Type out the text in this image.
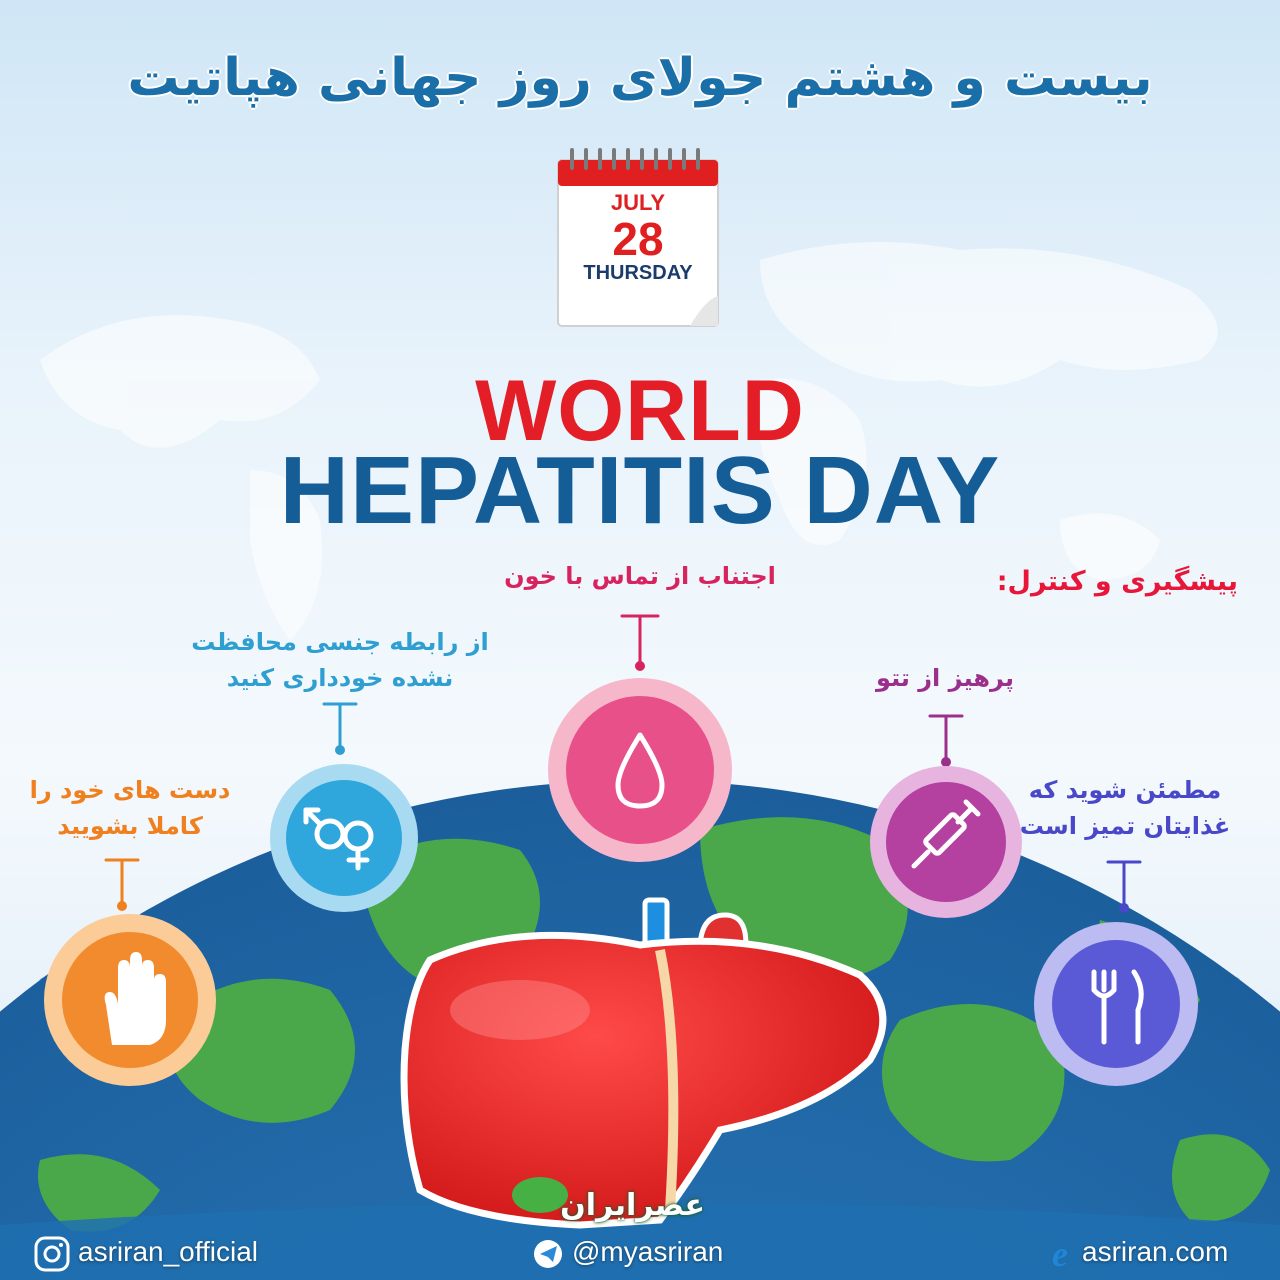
e
بیست و هشتم جولای روز جهانی هپاتیت
JULY
28
THURSDAY
WORLD
HEPATITIS DAY
پیشگیری و کنترل:
اجتناب از تماس با خون
از رابطه جنسی محافظت نشده خودداری کنید
دست های خود را کاملا بشویید
پرهیز از تتو
مطمئن شوید که غذایتان تمیز است
عصرایران
asriran_official	@myasriran	asriran.com
